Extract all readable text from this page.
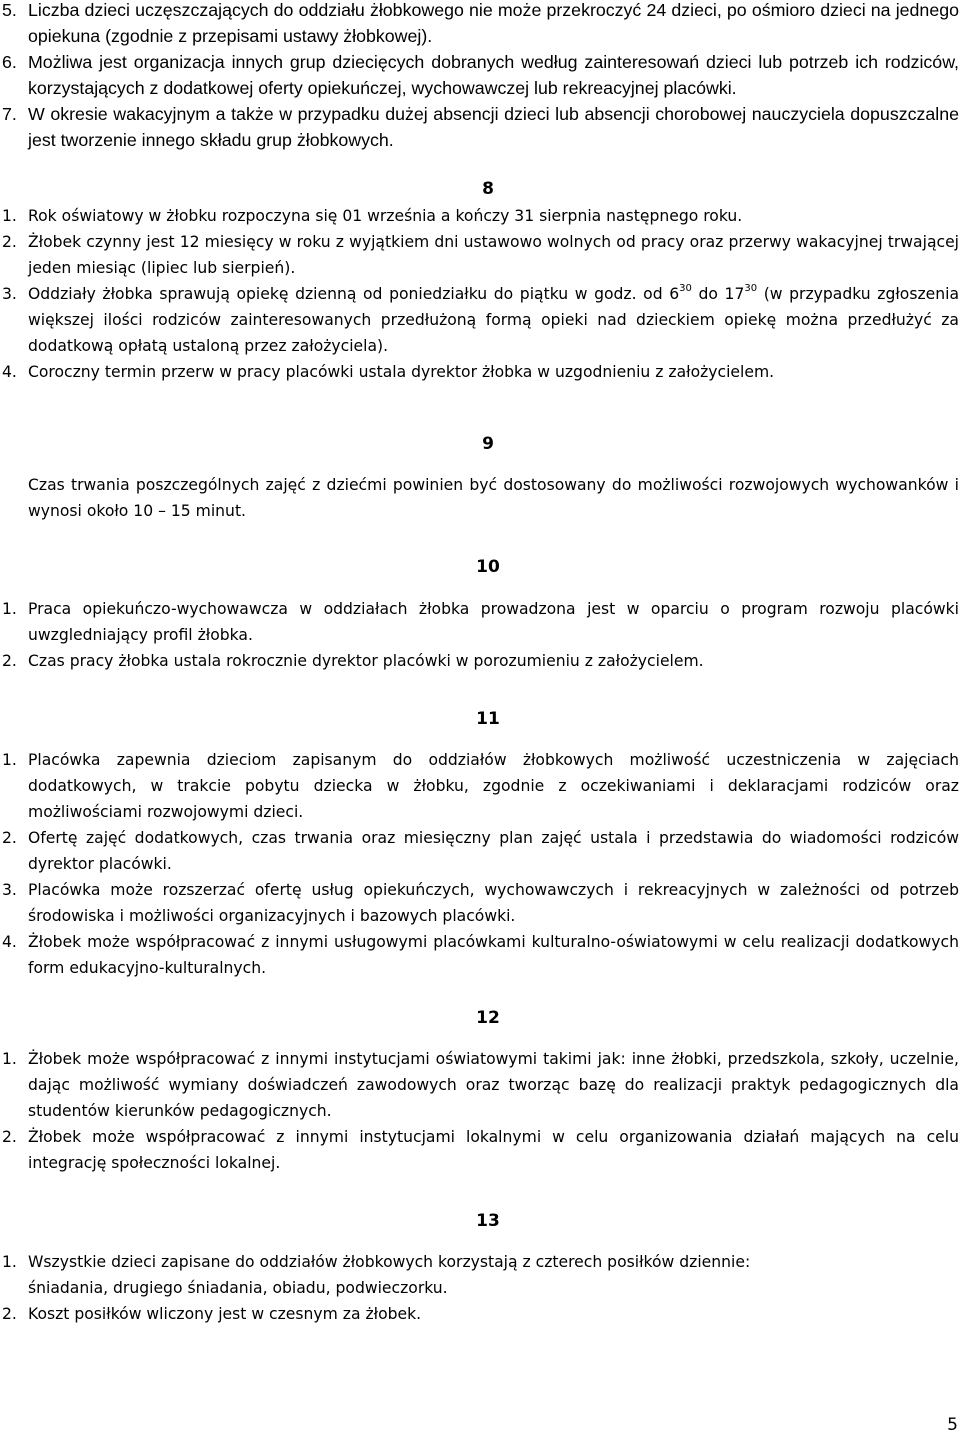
5. Liczba dzieci uczęszczających do oddziału żłobkowego nie może przekroczyć 24 dzieci, po ośmioro dzieci na jednego opiekuna (zgodnie z przepisami ustawy żłobkowej).
6. Możliwa jest organizacja innych grup dziecięcych dobranych według zainteresowań dzieci lub potrzeb ich rodziców, korzystających z dodatkowej oferty opiekuńczej, wychowawczej lub rekreacyjnej placówki.
7. W okresie wakacyjnym a także w przypadku dużej absencji dzieci lub absencji chorobowej nauczyciela dopuszczalne jest tworzenie innego składu grup żłobkowych.
8
1. Rok oświatowy w żłobku rozpoczyna się 01 września a kończy 31 sierpnia następnego roku.
2. Żłobek czynny jest 12 miesięcy w roku z wyjątkiem dni ustawowo wolnych od pracy oraz przerwy wakacyjnej trwającej jeden miesiąc (lipiec lub sierpień).
3. Oddziały żłobka sprawują opiekę dzienną od poniedziałku do piątku w godz. od $6^{30}$ do $17^{30}$ (w przypadku zgłoszenia większej ilości rodziców zainteresowanych przedłużoną formą opieki nad dzieckiem opiekę można przedłużyć za dodatkową opłatą ustaloną przez założyciela).
4. Coroczny termin przerw w pracy placówki ustala dyrektor żłobka w uzgodnieniu z założycielem.
9
Czas trwania poszczególnych zajęć z dziećmi powinien być dostosowany do możliwości rozwojowych wychowanków i wynosi około 10 – 15 minut.
10
1. Praca opiekuńczo-wychowawcza w oddziałach żłobka prowadzona jest w oparciu o program rozwoju placówki uwzgledniający profil żłobka.
2. Czas pracy żłobka ustala rokrocznie dyrektor placówki w porozumieniu z założycielem.
11
1. Placówka zapewnia dzieciom zapisanym do oddziałów żłobkowych możliwość uczestniczenia w zajęciach dodatkowych, w trakcie pobytu dziecka w żłobku, zgodnie z oczekiwaniami i deklaracjami rodziców oraz możliwościami rozwojowymi dzieci.
2. Ofertę zajęć dodatkowych, czas trwania oraz miesięczny plan zajęć ustala i przedstawia do wiadomości rodziców dyrektor placówki.
3. Placówka może rozszerzać ofertę usług opiekuńczych, wychowawczych i rekreacyjnych w zależności od potrzeb środowiska i możliwości organizacyjnych i bazowych placówki.
4. Żłobek może współpracować z innymi usługowymi placówkami kulturalno-oświatowymi w celu realizacji dodatkowych form edukacyjno-kulturalnych.
12
1. Żłobek może współpracować z innymi instytucjami oświatowymi takimi jak: inne żłobki, przedszkola, szkoły, uczelnie, dając możliwość wymiany doświadczeń zawodowych oraz tworząc bazę do realizacji praktyk pedagogicznych dla studentów kierunków pedagogicznych.
2. Żłobek może współpracować z innymi instytucjami lokalnymi w celu organizowania działań mających na celu integrację społeczności lokalnej.
13
1. Wszystkie dzieci zapisane do oddziałów żłobkowych korzystają z czterech posiłków dziennie:
śniadania, drugiego śniadania, obiadu, podwieczorku.
2. Koszt posiłków wliczony jest w czesnym za żłobek.
5
